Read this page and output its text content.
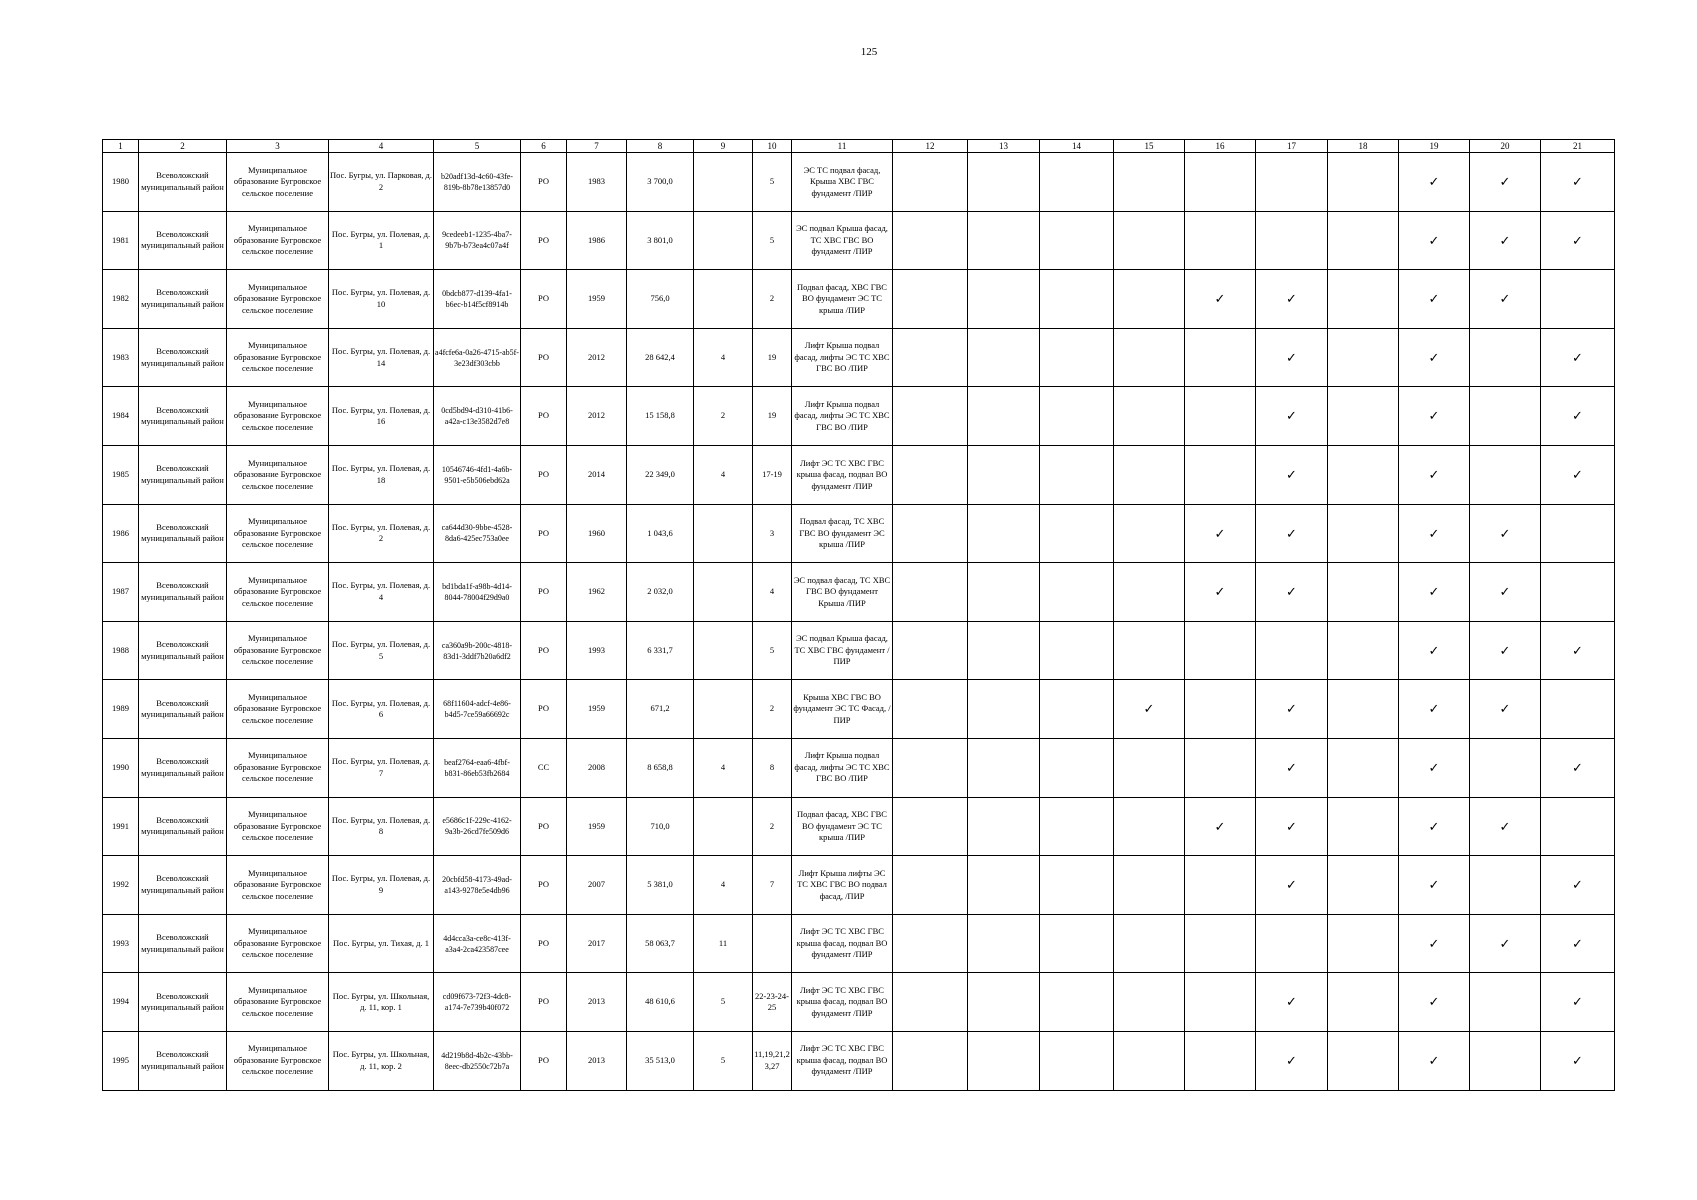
125
1	2	3	4	5	6	7	8	9	10	11	12	13	14	15	16	17	18	19	20	21
1980	Всеволожский муниципальный район	Муниципальное образование Бугровское сельское поселение	Пос. Бугры, ул. Парковая, д. 2	b20adf13d-4c60-43fe-819b-8b78e13857d0	РО	1983	3 700,0		5	ЭС ТС подвал фасад, Крыша ХВС ГВС фундамент /ПИР								✓	✓	✓
1981	Всеволожский муниципальный район	Муниципальное образование Бугровское сельское поселение	Пос. Бугры, ул. Полевая, д. 1	9cedeeb1-1235-4ba7-9b7b-b73ea4c07a4f	РО	1986	3 801,0		5	ЭС подвал Крыша фасад, ТС ХВС ГВС ВО фундамент /ПИР								✓	✓	✓
1982	Всеволожский муниципальный район	Муниципальное образование Бугровское сельское поселение	Пос. Бугры, ул. Полевая, д. 10	0bdcb877-d139-4fa1-b6ec-b14f5cf8914b	РО	1959	756,0		2	Подвал фасад, ХВС ГВС ВО фундамент ЭС ТС крыша /ПИР					✓	✓		✓	✓	
1983	Всеволожский муниципальный район	Муниципальное образование Бугровское сельское поселение	Пос. Бугры, ул. Полевая, д. 14	a4fcfe6a-0a26-4715-ab5f-3e23df303cbb	РО	2012	28 642,4	4	19	Лифт Крыша подвал фасад, лифты ЭС ТС ХВС ГВС ВО /ПИР						✓		✓		✓
1984	Всеволожский муниципальный район	Муниципальное образование Бугровское сельское поселение	Пос. Бугры, ул. Полевая, д. 16	0cd5bd94-d310-41b6-a42a-c13e3582d7e8	РО	2012	15 158,8	2	19	Лифт Крыша подвал фасад, лифты ЭС ТС ХВС ГВС ВО /ПИР						✓		✓		✓
1985	Всеволожский муниципальный район	Муниципальное образование Бугровское сельское поселение	Пос. Бугры, ул. Полевая, д. 18	10546746-4fd1-4a6b-9501-e5b506ebd62a	РО	2014	22 349,0	4	17-19	Лифт ЭС ТС ХВС ГВС крыша фасад, подвал ВО фундамент /ПИР						✓		✓		✓
1986	Всеволожский муниципальный район	Муниципальное образование Бугровское сельское поселение	Пос. Бугры, ул. Полевая, д. 2	ca644d30-9bbe-4528-8da6-425ec753a0ee	РО	1960	1 043,6		3	Подвал фасад, ТС ХВС ГВС ВО фундамент ЭС крыша /ПИР					✓	✓		✓	✓	
1987	Всеволожский муниципальный район	Муниципальное образование Бугровское сельское поселение	Пос. Бугры, ул. Полевая, д. 4	bd1bda1f-a98b-4d14-8044-78004f29d9a0	РО	1962	2 032,0		4	ЭС подвал фасад, ТС ХВС ГВС ВО фундамент Крыша /ПИР					✓	✓		✓	✓	
1988	Всеволожский муниципальный район	Муниципальное образование Бугровское сельское поселение	Пос. Бугры, ул. Полевая, д. 5	ca360a9b-200c-4818-83d1-3ddf7b20a6df2	РО	1993	6 331,7		5	ЭС подвал Крыша фасад, ТС ХВС ГВС фундамент /ПИР								✓	✓	✓
1989	Всеволожский муниципальный район	Муниципальное образование Бугровское сельское поселение	Пос. Бугры, ул. Полевая, д. 6	68f11604-adcf-4e86-b4d5-7ce59a66692c	РО	1959	671,2		2	Крыша ХВС ГВС ВО фундамент ЭС ТС Фасад, /ПИР				✓		✓		✓	✓	
1990	Всеволожский муниципальный район	Муниципальное образование Бугровское сельское поселение	Пос. Бугры, ул. Полевая, д. 7	beaf2764-eaa6-4fbf-b831-86eb53fb2684	СС	2008	8 658,8	4	8	Лифт Крыша подвал фасад, лифты ЭС ТС ХВС ГВС ВО /ПИР						✓		✓		✓
1991	Всеволожский муниципальный район	Муниципальное образование Бугровское сельское поселение	Пос. Бугры, ул. Полевая, д. 8	e5686c1f-229c-4162-9a3b-26cd7fe509d6	РО	1959	710,0		2	Подвал фасад, ХВС ГВС ВО фундамент ЭС ТС крыша /ПИР					✓	✓		✓	✓	
1992	Всеволожский муниципальный район	Муниципальное образование Бугровское сельское поселение	Пос. Бугры, ул. Полевая, д. 9	20cbfd58-4173-49ad-a143-9278e5e4db96	РО	2007	5 381,0	4	7	Лифт Крыша лифты ЭС ТС ХВС ГВС ВО подвал фасад, /ПИР						✓		✓		✓
1993	Всеволожский муниципальный район	Муниципальное образование Бугровское сельское поселение	Пос. Бугры, ул. Тихая, д. 1	4d4cca3a-ce8c-413f-a3a4-2ca423587cee	РО	2017	58 063,7	11		Лифт ЭС ТС ХВС ГВС крыша фасад, подвал ВО фундамент /ПИР								✓	✓	✓
1994	Всеволожский муниципальный район	Муниципальное образование Бугровское сельское поселение	Пос. Бугры, ул. Школьная, д. 11, кор. 1	cd09f673-72f3-4dc8-a174-7e739b40f072	РО	2013	48 610,6	5	22-23-24-25	Лифт ЭС ТС ХВС ГВС крыша фасад, подвал ВО фундамент /ПИР						✓		✓		✓
1995	Всеволожский муниципальный район	Муниципальное образование Бугровское сельское поселение	Пос. Бугры, ул. Школьная, д. 11, кор. 2	4d219b8d-4b2c-43bb-8eec-db2550c72b7a	РО	2013	35 513,0	5	11,19,21,23,27	Лифт ЭС ТС ХВС ГВС крыша фасад, подвал ВО фундамент /ПИР						✓		✓		✓
